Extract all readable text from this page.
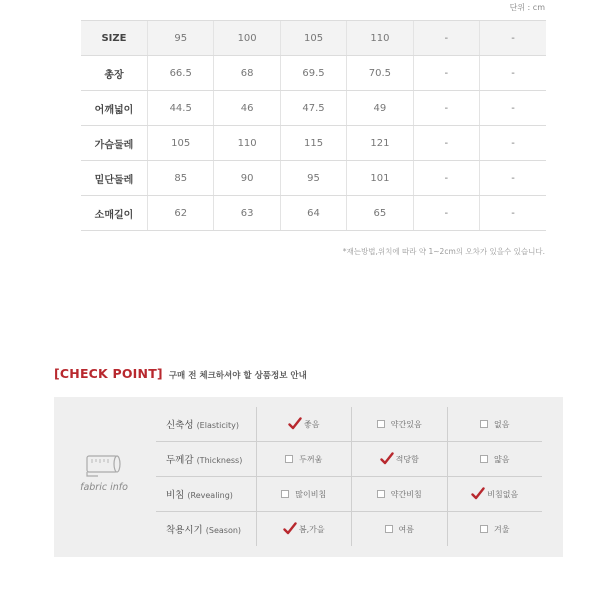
단위 : cm
SIZE	95	100	105	110	-	-
총장	66.5	68	69.5	70.5	-	-
어깨넓이	44.5	46	47.5	49	-	-
가슴둘레	105	110	115	121	-	-
밑단둘레	85	90	95	101	-	-
소매길이	62	63	64	65	-	-
*재는방법,위치에 따라 약 1~2cm의 오차가 있을수 있습니다.
[CHECK POINT] 구매 전 체크하셔야 할 상품정보 안내
fabric info
신축성 (Elasticity)	좋음	약간있음	없음
두께감 (Thickness)	두꺼움	적당함	얇음
비침 (Revealing)	많이비침	약간비침	비침없음
착용시기 (Season)	봄,가을	여름	겨울
